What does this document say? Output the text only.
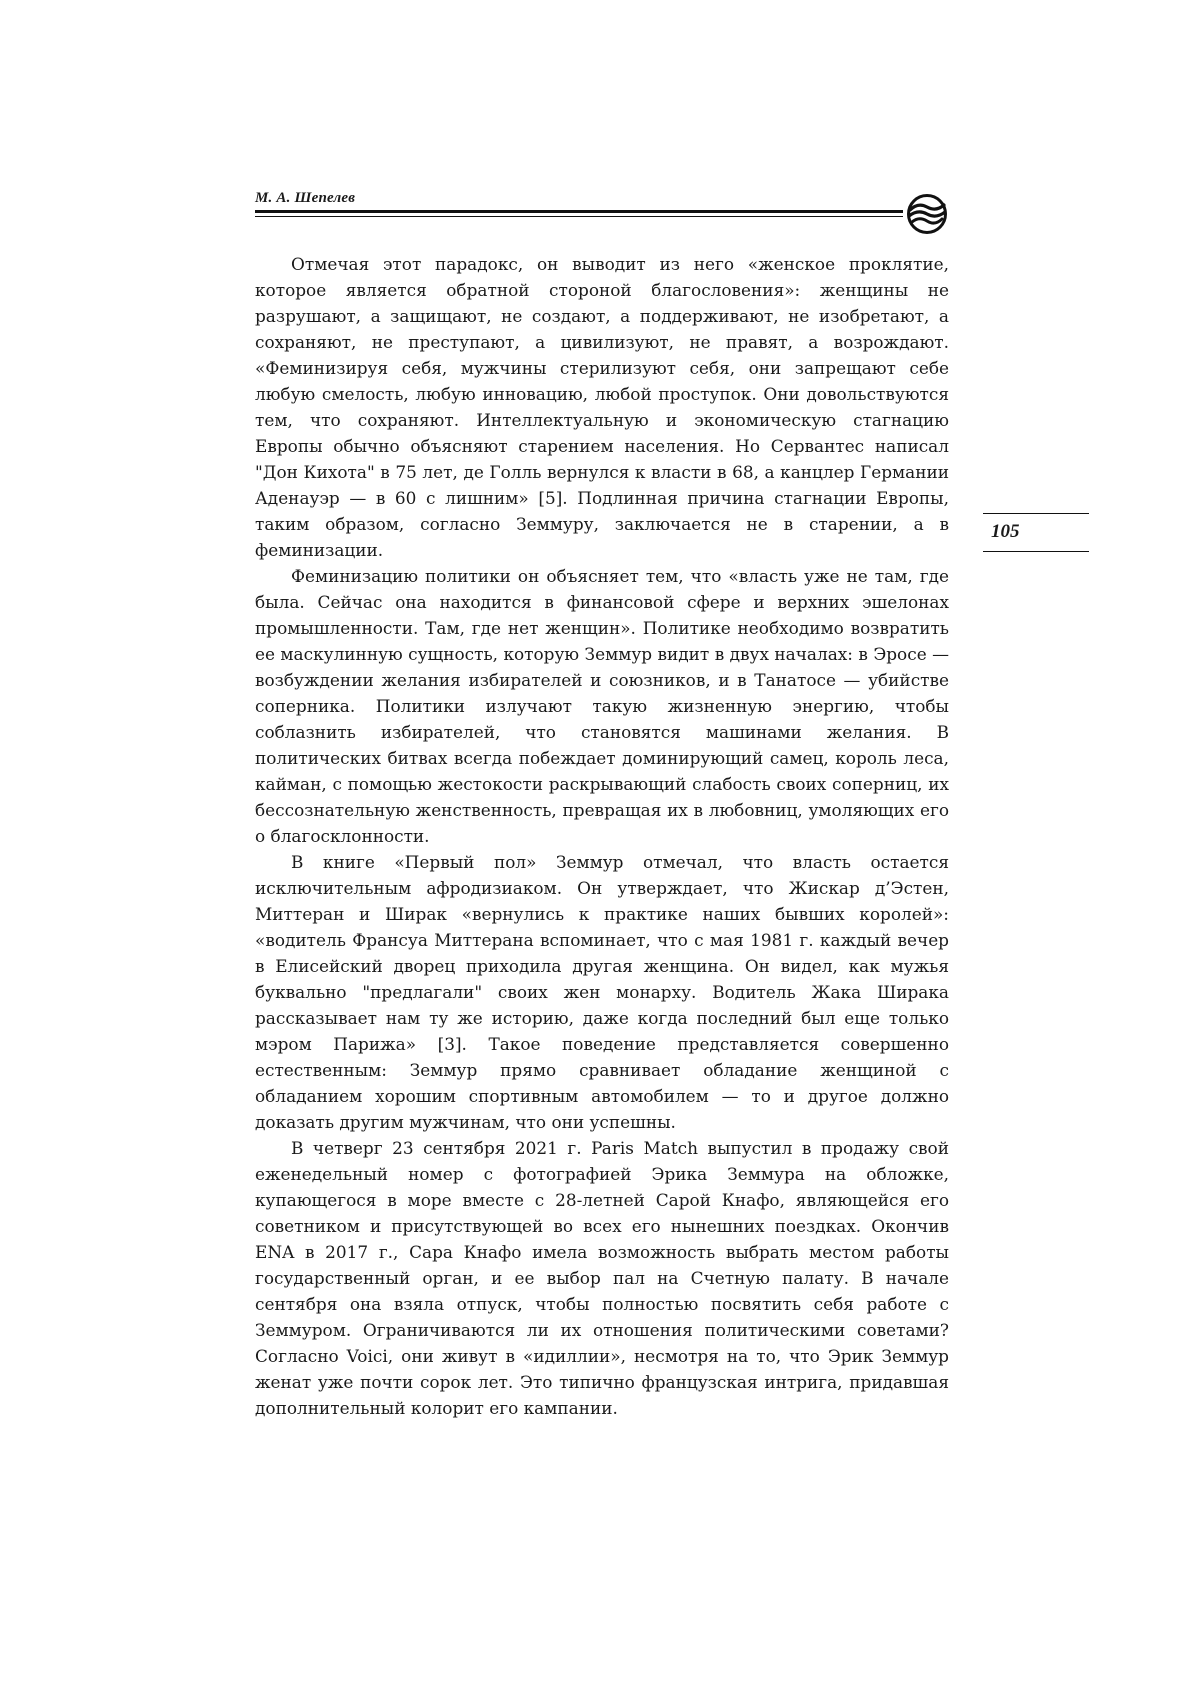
М. А. Шепелев
105

Отмечая этот парадокс, он выводит из него «женское проклятие, которое является обратной стороной благословения»: женщины не разрушают, а защищают, не создают, а поддерживают, не изобретают, а сохраняют, не преступают, а цивилизуют, не правят, а возрождают. «Феминизируя себя, мужчины стерилизуют себя, они запрещают себе любую смелость, любую инновацию, любой проступок. Они довольствуются тем, что сохраняют. Интеллектуальную и экономическую стагнацию Европы обычно объясняют старением населения. Но Сервантес написал "Дон Кихота" в 75 лет, де Голль вернулся к власти в 68, а канцлер Германии Аденауэр — в 60 с лишним» [5]. Подлинная причина стагнации Европы, таким образом, согласно Земмуру, заключается не в старении, а в феминизации.

Феминизацию политики он объясняет тем, что «власть уже не там, где была. Сейчас она находится в финансовой сфере и верхних эшелонах промышленности. Там, где нет женщин». Политике необходимо возвратить ее маскулинную сущность, которую Земмур видит в двух началах: в Эросе — возбуждении желания избирателей и союзников, и в Танатосе — убийстве соперника. Политики излучают такую жизненную энергию, чтобы соблазнить избирателей, что становятся машинами желания. В политических битвах всегда побеждает доминирующий самец, король леса, кайман, с помощью жестокости раскрывающий слабость своих соперниц, их бессознательную женственность, превращая их в любовниц, умоляющих его о благосклонности.

В книге «Первый пол» Земмур отмечал, что власть остается исключительным афродизиаком. Он утверждает, что Жискар д’Эстен, Миттеран и Ширак «вернулись к практике наших бывших королей»: «водитель Франсуа Миттерана вспоминает, что с мая 1981 г. каждый вечер в Елисейский дворец приходила другая женщина. Он видел, как мужья буквально "предлагали" своих жен монарху. Водитель Жака Ширака рассказывает нам ту же историю, даже когда последний был еще только мэром Парижа» [3]. Такое поведение представляется совершенно естественным: Земмур прямо сравнивает обладание женщиной с обладанием хорошим спортивным автомобилем — то и другое должно доказать другим мужчинам, что они успешны.

В четверг 23 сентября 2021 г. Paris Match выпустил в продажу свой еженедельный номер с фотографией Эрика Земмура на обложке, купающегося в море вместе с 28-летней Сарой Кнафо, являющейся его советником и присутствующей во всех его нынешних поездках. Окончив ENA в 2017 г., Сара Кнафо имела возможность выбрать местом работы государственный орган, и ее выбор пал на Счетную палату. В начале сентября она взяла отпуск, чтобы полностью посвятить себя работе с Земмуром. Ограничиваются ли их отношения политическими советами? Согласно Voici, они живут в «идиллии», несмотря на то, что Эрик Земмур женат уже почти сорок лет. Это типично французская интрига, придавшая дополнительный колорит его кампании.
